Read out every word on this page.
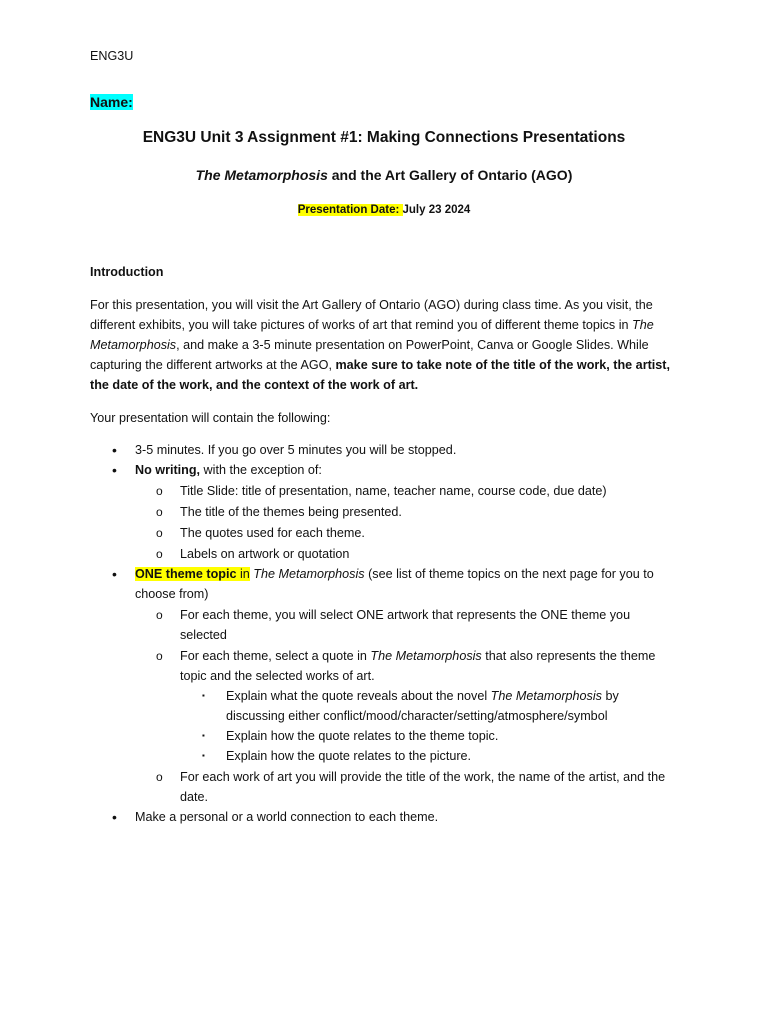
ENG3U
Name:
ENG3U Unit 3 Assignment #1: Making Connections Presentations
The Metamorphosis and the Art Gallery of Ontario (AGO)
Presentation Date: July 23 2024

Introduction

For this presentation, you will visit the Art Gallery of Ontario (AGO) during class time. As you visit, the different exhibits, you will take pictures of works of art that remind you of different theme topics in The Metamorphosis, and make a 3-5 minute presentation on PowerPoint, Canva or Google Slides. While capturing the different artworks at the AGO, make sure to take note of the title of the work, the artist, the date of the work, and the context of the work of art.

Your presentation will contain the following:

•	3-5 minutes. If you go over 5 minutes you will be stopped.
•	No writing, with the exception of:
o	Title Slide: title of presentation, name, teacher name, course code, due date)
o	The title of the themes being presented.
o	The quotes used for each theme.
o	Labels on artwork or quotation
•	ONE theme topic in The Metamorphosis (see list of theme topics on the next page for you to choose from)
o	For each theme, you will select ONE artwork that represents the ONE theme you selected
o	For each theme, select a quote in The Metamorphosis that also represents the theme topic and the selected works of art.
▪	Explain what the quote reveals about the novel The Metamorphosis by discussing either conflict/mood/character/setting/atmosphere/symbol
▪	Explain how the quote relates to the theme topic.
▪	Explain how the quote relates to the picture.
o	For each work of art you will provide the title of the work, the name of the artist, and the date.
•	Make a personal or a world connection to each theme.
